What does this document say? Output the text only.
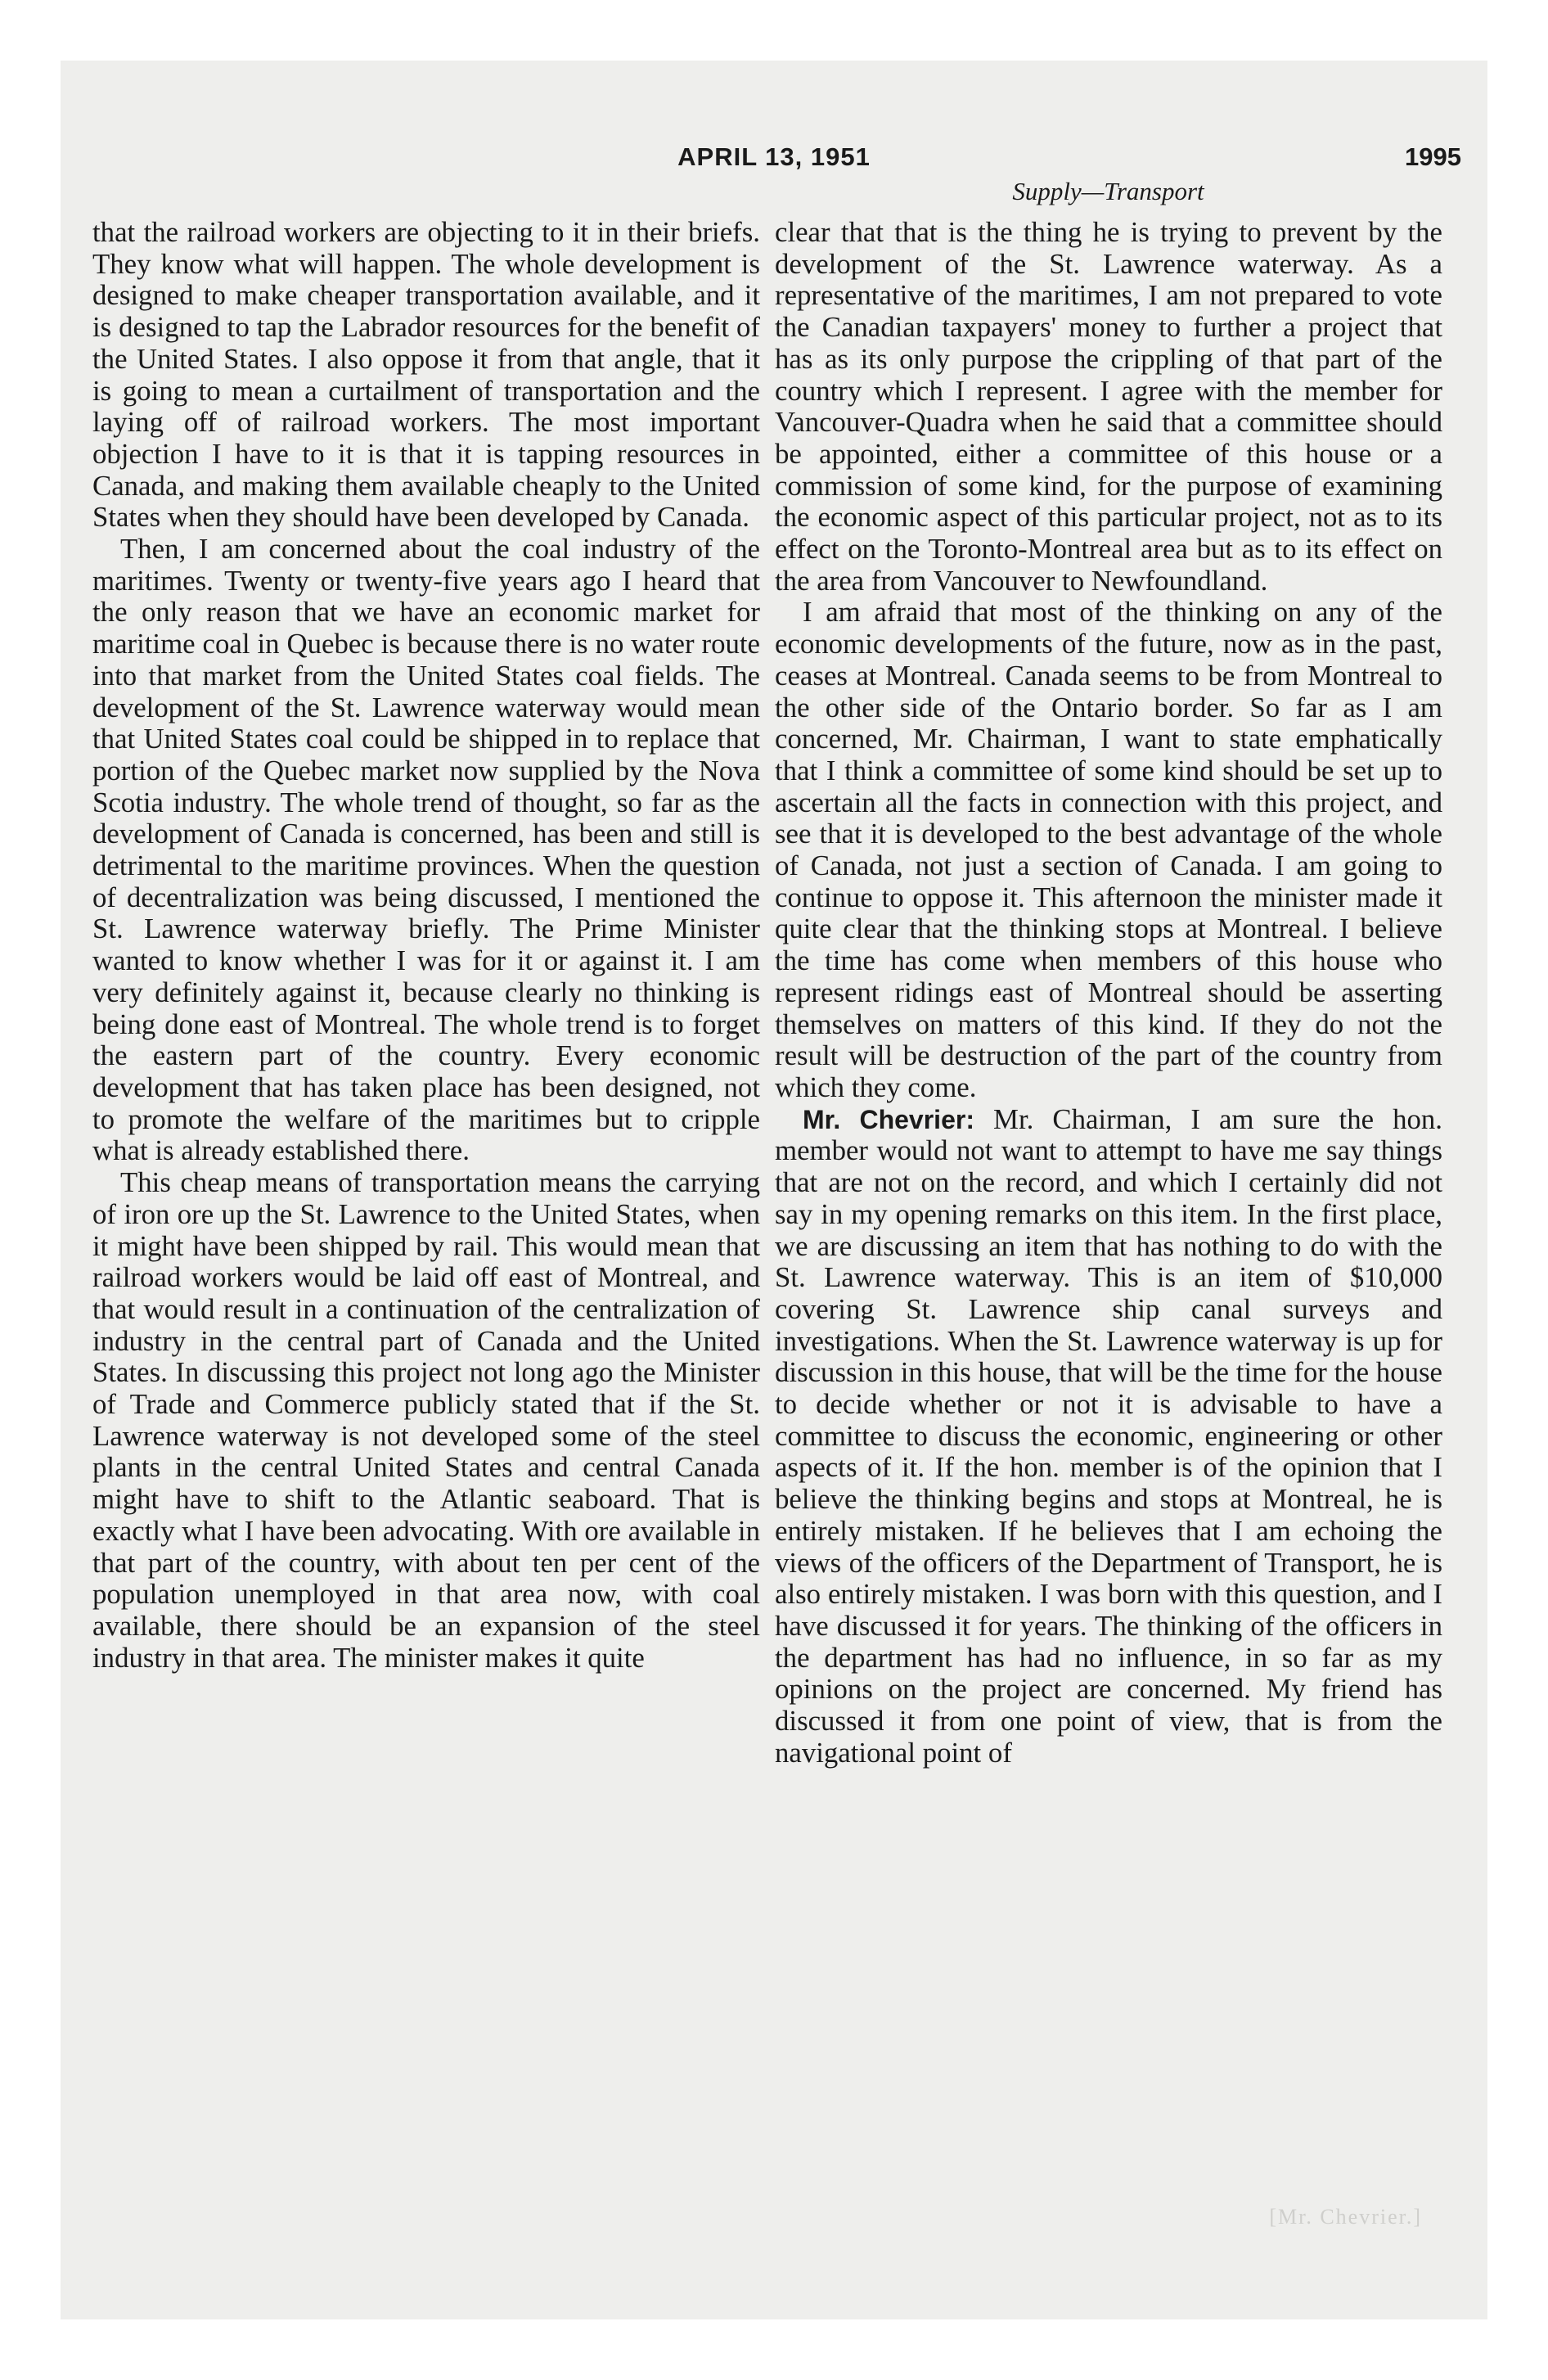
APRIL 13, 1951	1995
Supply—Transport

that the railroad workers are objecting to it in their briefs. They know what will happen. The whole development is designed to make cheaper transportation available, and it is designed to tap the Labrador resources for the benefit of the United States. I also oppose it from that angle, that it is going to mean a curtailment of transportation and the laying off of railroad workers. The most important objection I have to it is that it is tapping resources in Canada, and making them available cheaply to the United States when they should have been developed by Canada.

Then, I am concerned about the coal industry of the maritimes. Twenty or twenty-five years ago I heard that the only reason that we have an economic market for maritime coal in Quebec is because there is no water route into that market from the United States coal fields. The development of the St. Lawrence waterway would mean that United States coal could be shipped in to replace that portion of the Quebec market now supplied by the Nova Scotia industry. The whole trend of thought, so far as the development of Canada is concerned, has been and still is detrimental to the maritime provinces. When the question of decentralization was being discussed, I mentioned the St. Lawrence waterway briefly. The Prime Minister wanted to know whether I was for it or against it. I am very definitely against it, because clearly no thinking is being done east of Montreal. The whole trend is to forget the eastern part of the country. Every economic development that has taken place has been designed, not to promote the welfare of the maritimes but to cripple what is already established there.

This cheap means of transportation means the carrying of iron ore up the St. Lawrence to the United States, when it might have been shipped by rail. This would mean that railroad workers would be laid off east of Montreal, and that would result in a continuation of the centralization of industry in the central part of Canada and the United States. In discussing this project not long ago the Minister of Trade and Commerce publicly stated that if the St. Lawrence waterway is not developed some of the steel plants in the central United States and central Canada might have to shift to the Atlantic seaboard. That is exactly what I have been advocating. With ore available in that part of the country, with about ten per cent of the population unemployed in that area now, with coal available, there should be an expansion of the steel industry in that area. The minister makes it quite

clear that that is the thing he is trying to prevent by the development of the St. Lawrence waterway. As a representative of the maritimes, I am not prepared to vote the Canadian taxpayers' money to further a project that has as its only purpose the crippling of that part of the country which I represent. I agree with the member for Vancouver-Quadra when he said that a committee should be appointed, either a committee of this house or a commission of some kind, for the purpose of examining the economic aspect of this particular project, not as to its effect on the Toronto-Montreal area but as to its effect on the area from Vancouver to Newfoundland.

I am afraid that most of the thinking on any of the economic developments of the future, now as in the past, ceases at Montreal. Canada seems to be from Montreal to the other side of the Ontario border. So far as I am concerned, Mr. Chairman, I want to state emphatically that I think a committee of some kind should be set up to ascertain all the facts in connection with this project, and see that it is developed to the best advantage of the whole of Canada, not just a section of Canada. I am going to continue to oppose it. This afternoon the minister made it quite clear that the thinking stops at Montreal. I believe the time has come when members of this house who represent ridings east of Montreal should be asserting themselves on matters of this kind. If they do not the result will be destruction of the part of the country from which they come.

Mr. Chevrier: Mr. Chairman, I am sure the hon. member would not want to attempt to have me say things that are not on the record, and which I certainly did not say in my opening remarks on this item. In the first place, we are discussing an item that has nothing to do with the St. Lawrence waterway. This is an item of $10,000 covering St. Lawrence ship canal surveys and investigations. When the St. Lawrence waterway is up for discussion in this house, that will be the time for the house to decide whether or not it is advisable to have a committee to discuss the economic, engineering or other aspects of it. If the hon. member is of the opinion that I believe the thinking begins and stops at Montreal, he is entirely mistaken. If he believes that I am echoing the views of the officers of the Department of Transport, he is also entirely mistaken. I was born with this question, and I have discussed it for years. The thinking of the officers in the department has had no influence, in so far as my opinions on the project are concerned. My friend has discussed it from one point of view, that is from the navigational point of

[Mr. Chevrier.]
